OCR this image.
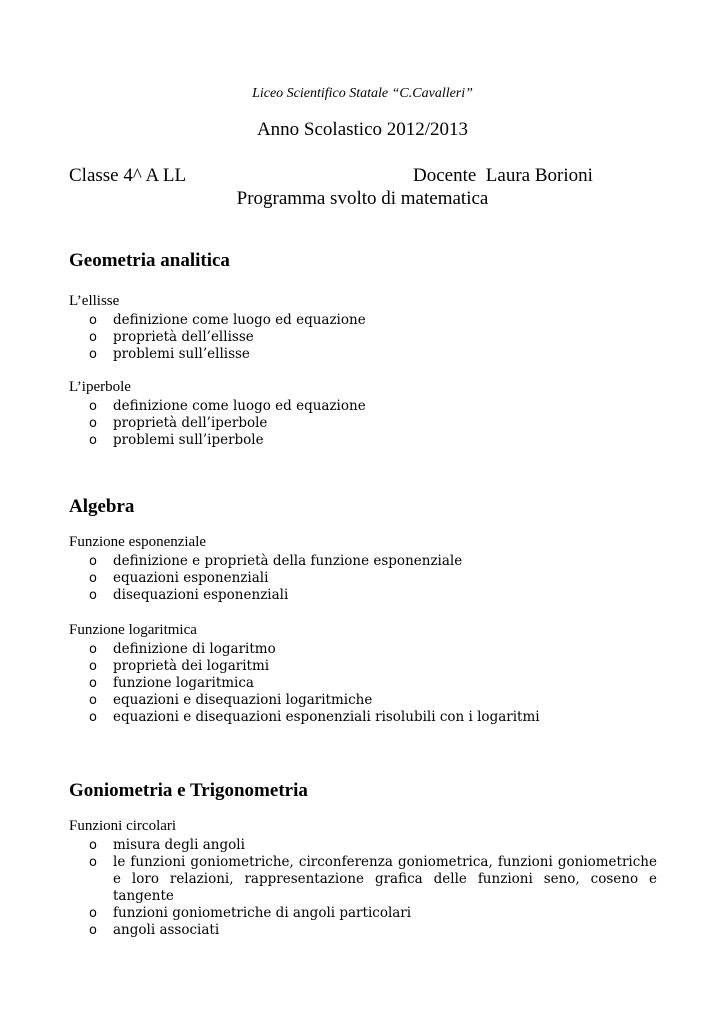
Liceo Scientifico Statale “C.Cavalleri”
Anno Scolastico 2012/2013
Classe 4^ A LL	Docente  Laura Borioni
Programma svolto di matematica
Geometria analitica
L’ellisse
o definizione come luogo ed equazione
o proprietà dell’ellisse
o problemi sull’ellisse
L’iperbole
o definizione come luogo ed equazione
o proprietà dell’iperbole
o problemi sull’iperbole
Algebra
Funzione esponenziale
o definizione e proprietà della funzione esponenziale
o equazioni esponenziali
o disequazioni esponenziali
Funzione logaritmica
o definizione di logaritmo
o proprietà dei logaritmi
o funzione logaritmica
o equazioni e disequazioni logaritmiche
o equazioni e disequazioni esponenziali risolubili con i logaritmi
Goniometria e Trigonometria
Funzioni circolari
o misura degli angoli
o le funzioni goniometriche, circonferenza goniometrica, funzioni goniometriche e loro relazioni, rappresentazione grafica delle funzioni seno, coseno e tangente
o funzioni goniometriche di angoli particolari
o angoli associati
